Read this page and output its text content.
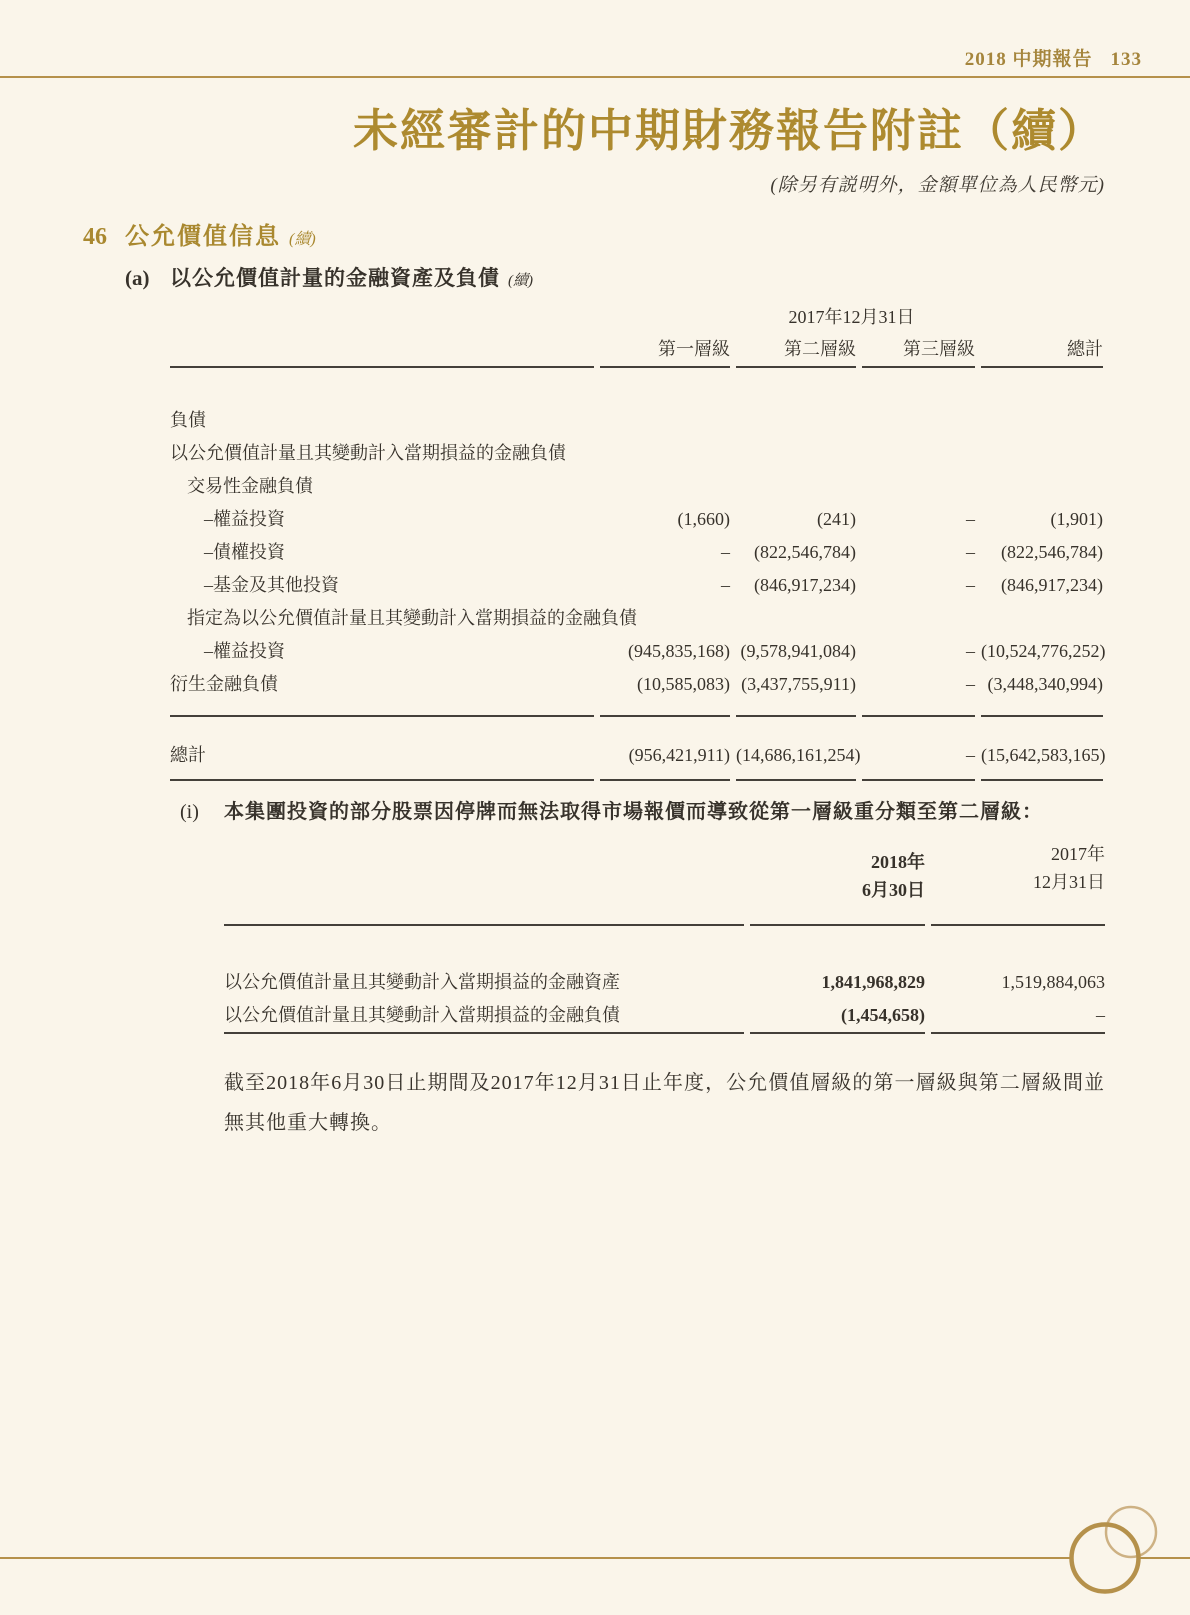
2018 中期報告 133
未經審計的中期財務報告附註（續）
(除另有説明外，金額單位為人民幣元)
46 公允價值信息 (續)
(a) 以公允價值計量的金融資產及負債 (續)
2017年12月31日
第一層級	第二層級	第三層級	總計
負債
以公允價值計量且其變動計入當期損益的金融負債
交易性金融負債
–權益投資	(1,660)	(241)	–	(1,901)
–債權投資	–	(822,546,784)	–	(822,546,784)
–基金及其他投資	–	(846,917,234)	–	(846,917,234)
指定為以公允價值計量且其變動計入當期損益的金融負債
–權益投資	(945,835,168) (9,578,941,084)	– (10,524,776,252)
衍生金融負債	(10,585,083) (3,437,755,911)	– (3,448,340,994)
總計	(956,421,911) (14,686,161,254)	– (15,642,583,165)
(i)	本集團投資的部分股票因停牌而無法取得市場報價而導致從第一層級重分類至第二層級：
2018年
6月30日
2017年
12月31日
以公允價值計量且其變動計入當期損益的金融資產	1,841,968,829	1,519,884,063
以公允價值計量且其變動計入當期損益的金融負債	(1,454,658)	–
截至2018年6月30日止期間及2017年12月31日止年度，公允價值層級的第一層級與第二層級間並無其他重大轉換。
